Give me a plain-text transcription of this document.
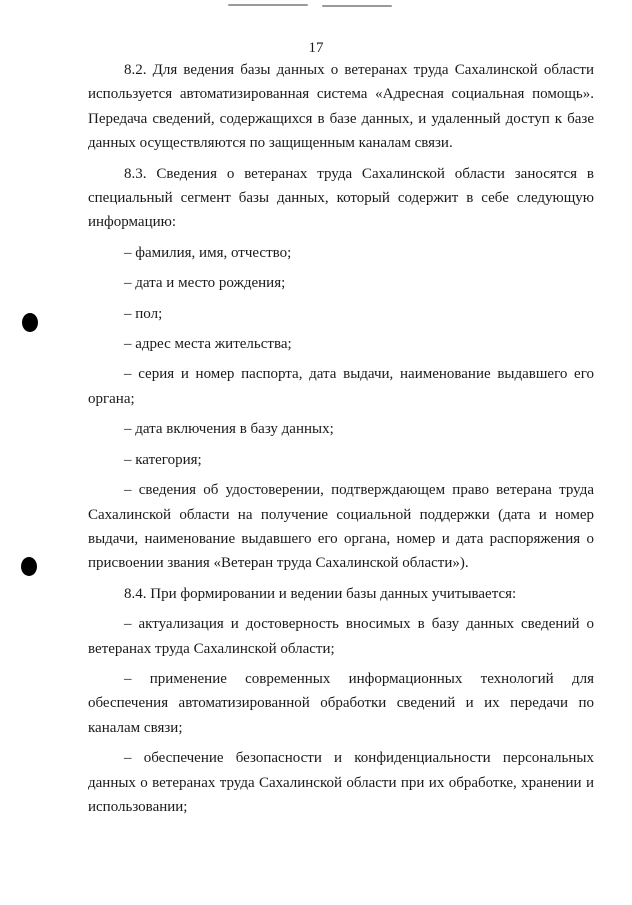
17

8.2. Для ведения базы данных о ветеранах труда Сахалинской области используется автоматизированная система «Адресная социальная помощь». Передача сведений, содержащихся в базе данных, и удаленный доступ к базе данных осуществляются по защищенным каналам связи.

8.3. Сведения о ветеранах труда Сахалинской области заносятся в специальный сегмент базы данных, который содержит в себе следующую информацию:

– фамилия, имя, отчество;

– дата и место рождения;

– пол;

– адрес места жительства;

– серия и номер паспорта, дата выдачи, наименование выдавшего его органа;

– дата включения в базу данных;

– категория;

– сведения об удостоверении, подтверждающем право ветерана труда Сахалинской области на получение социальной поддержки (дата и номер выдачи, наименование выдавшего его органа, номер и дата распоряжения о присвоении звания «Ветеран труда Сахалинской области»).

8.4. При формировании и ведении базы данных учитывается:

– актуализация и достоверность вносимых в базу данных сведений о ветеранах труда Сахалинской области;

– применение современных информационных технологий для обеспечения автоматизированной обработки сведений и их передачи по каналам связи;

– обеспечение безопасности и конфиденциальности персональных данных о ветеранах труда Сахалинской области при их обработке, хранении и использовании;
